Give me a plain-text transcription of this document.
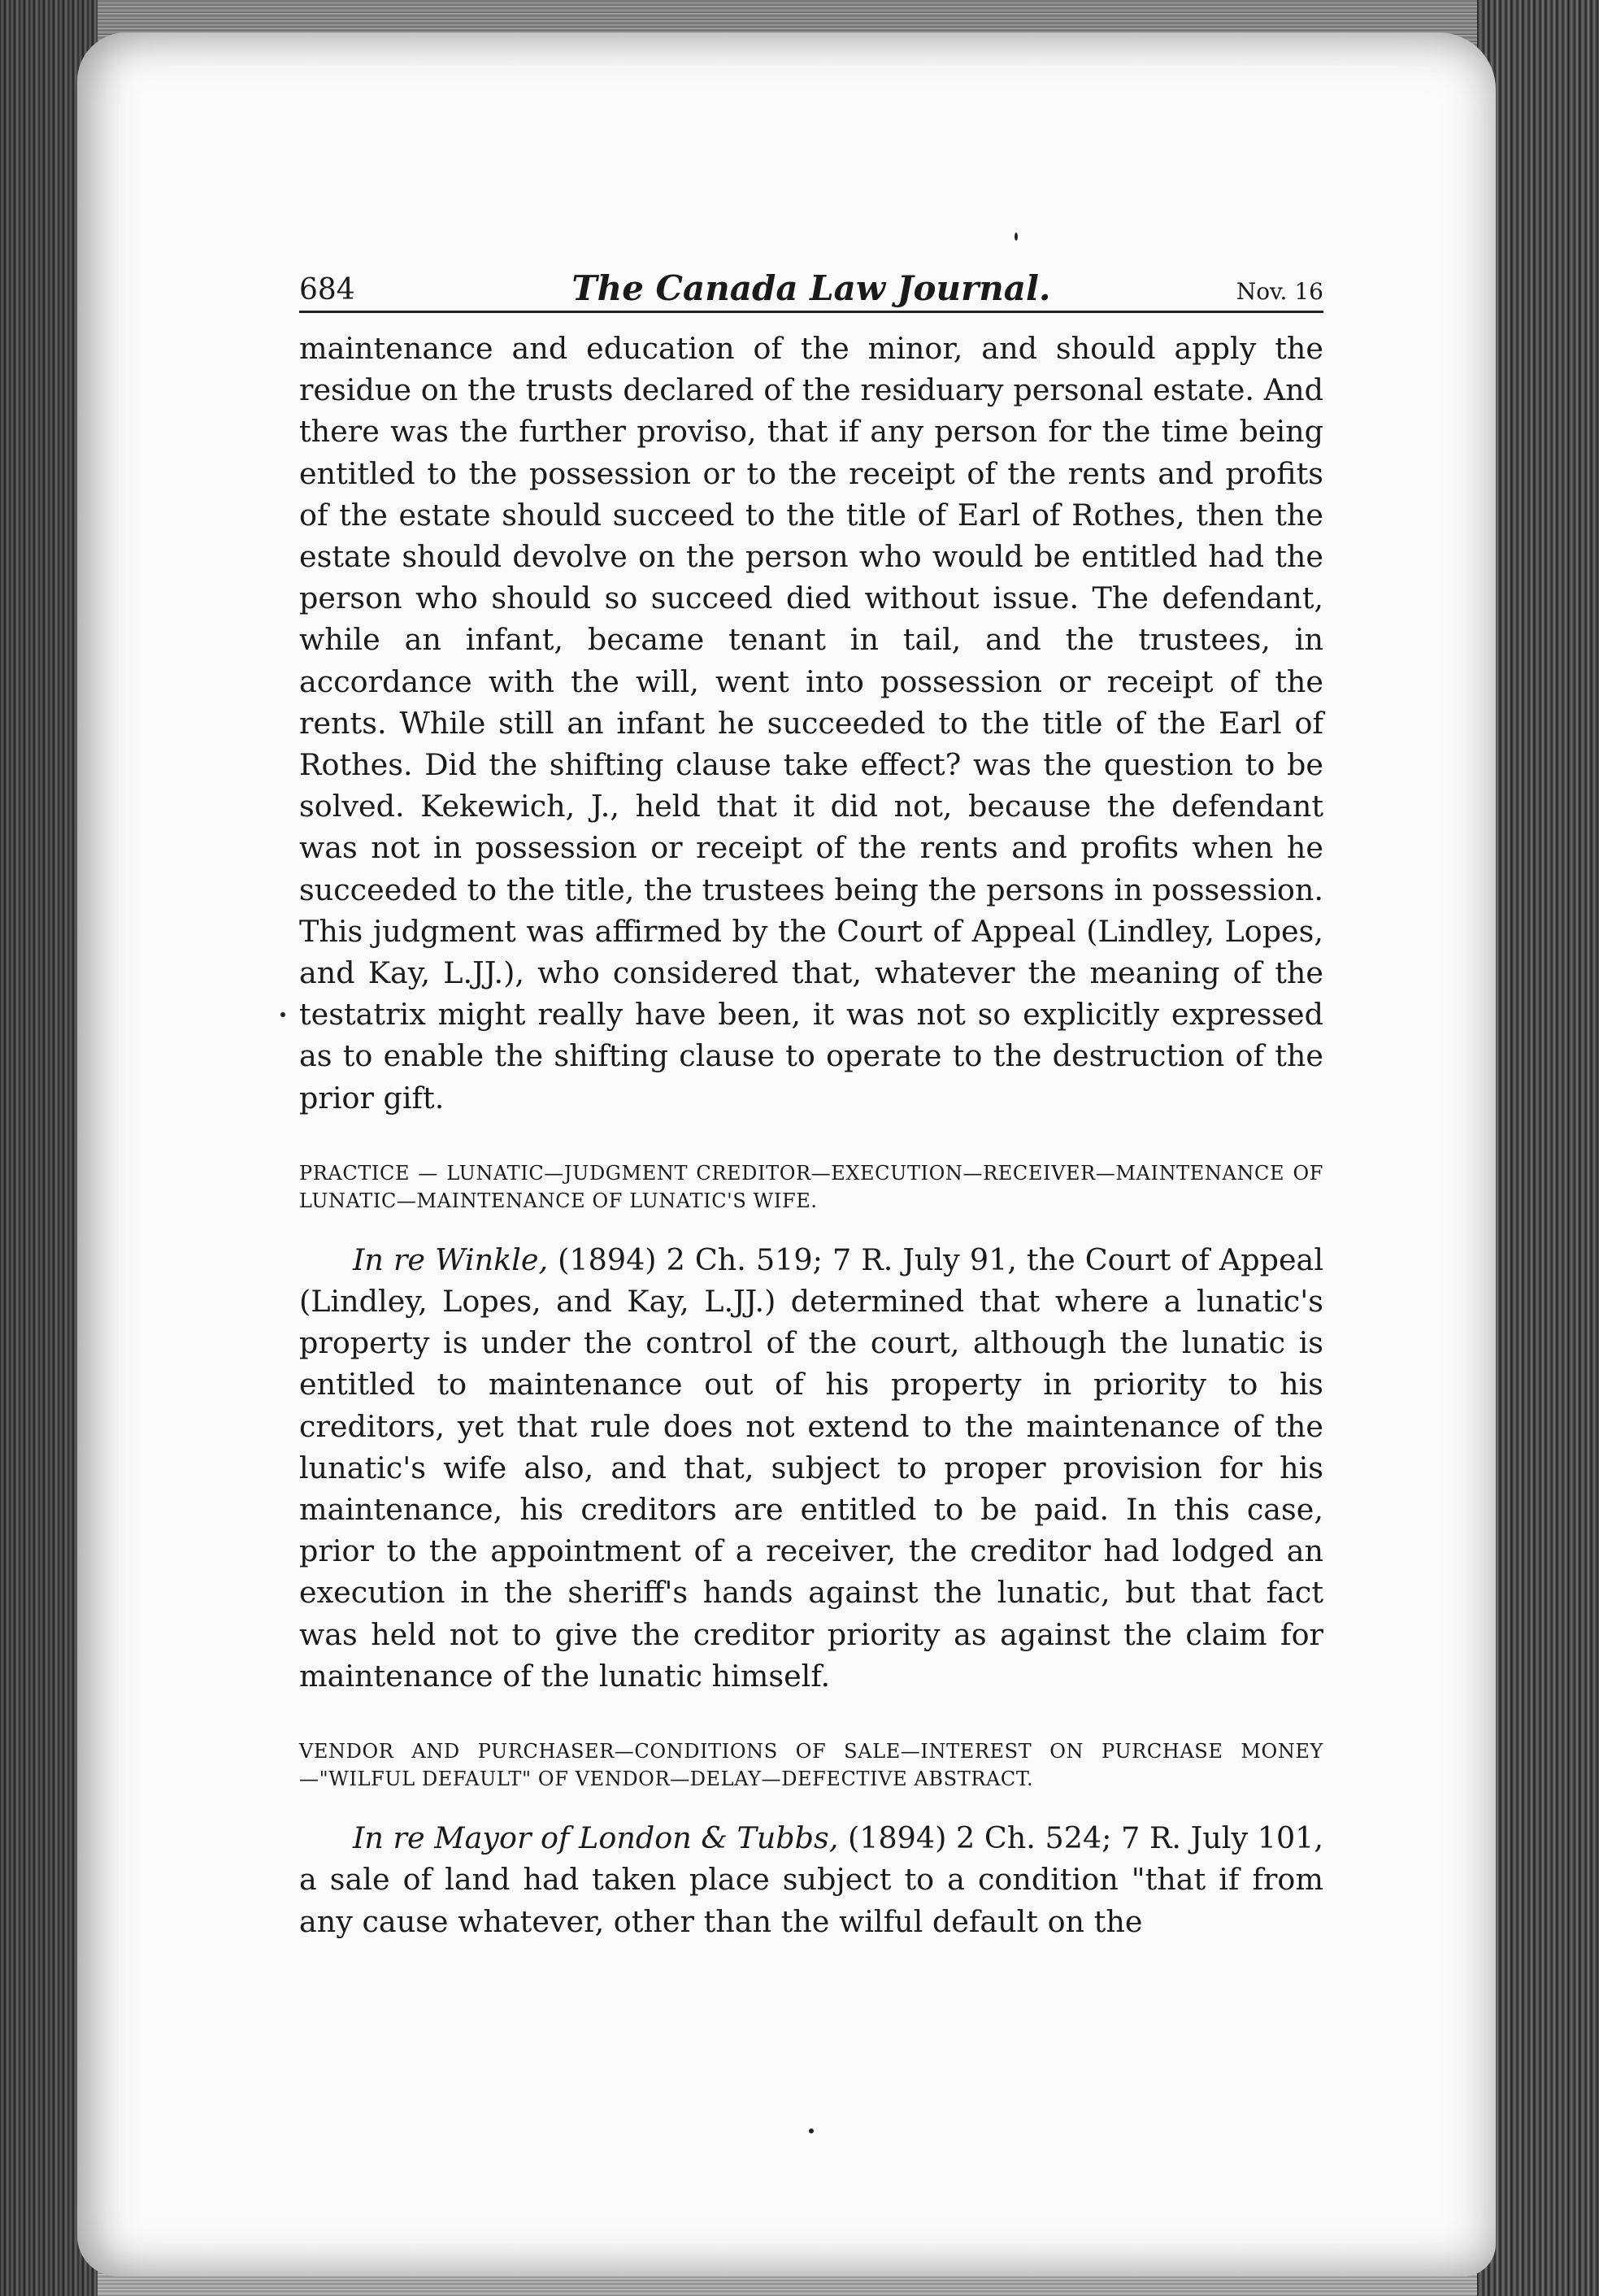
684	The Canada Law Journal.	Nov. 16

maintenance and education of the minor, and should apply the residue on the trusts declared of the residuary personal estate. And there was the further proviso, that if any person for the time being entitled to the possession or to the receipt of the rents and profits of the estate should succeed to the title of Earl of Rothes, then the estate should devolve on the person who would be entitled had the person who should so succeed died without issue. The defendant, while an infant, became tenant in tail, and the trustees, in accordance with the will, went into possession or receipt of the rents. While still an infant he succeeded to the title of the Earl of Rothes. Did the shifting clause take effect? was the question to be solved. Kekewich, J., held that it did not, because the defendant was not in possession or receipt of the rents and profits when he succeeded to the title, the trustees being the persons in possession. This judgment was affirmed by the Court of Appeal (Lindley, Lopes, and Kay, L.JJ.), who considered that, whatever the meaning of the testatrix might really have been, it was not so explicitly expressed as to enable the shifting clause to operate to the destruction of the prior gift.

PRACTICE — LUNATIC—JUDGMENT CREDITOR—EXECUTION—RECEIVER—MAINTENANCE OF LUNATIC—MAINTENANCE OF LUNATIC'S WIFE.

In re Winkle, (1894) 2 Ch. 519; 7 R. July 91, the Court of Appeal (Lindley, Lopes, and Kay, L.JJ.) determined that where a lunatic's property is under the control of the court, although the lunatic is entitled to maintenance out of his property in priority to his creditors, yet that rule does not extend to the maintenance of the lunatic's wife also, and that, subject to proper provision for his maintenance, his creditors are entitled to be paid. In this case, prior to the appointment of a receiver, the creditor had lodged an execution in the sheriff's hands against the lunatic, but that fact was held not to give the creditor priority as against the claim for maintenance of the lunatic himself.

VENDOR AND PURCHASER—CONDITIONS OF SALE—INTEREST ON PURCHASE MONEY—"WILFUL DEFAULT" OF VENDOR—DELAY—DEFECTIVE ABSTRACT.

In re Mayor of London & Tubbs, (1894) 2 Ch. 524; 7 R. July 101, a sale of land had taken place subject to a condition "that if from any cause whatever, other than the wilful default on the
